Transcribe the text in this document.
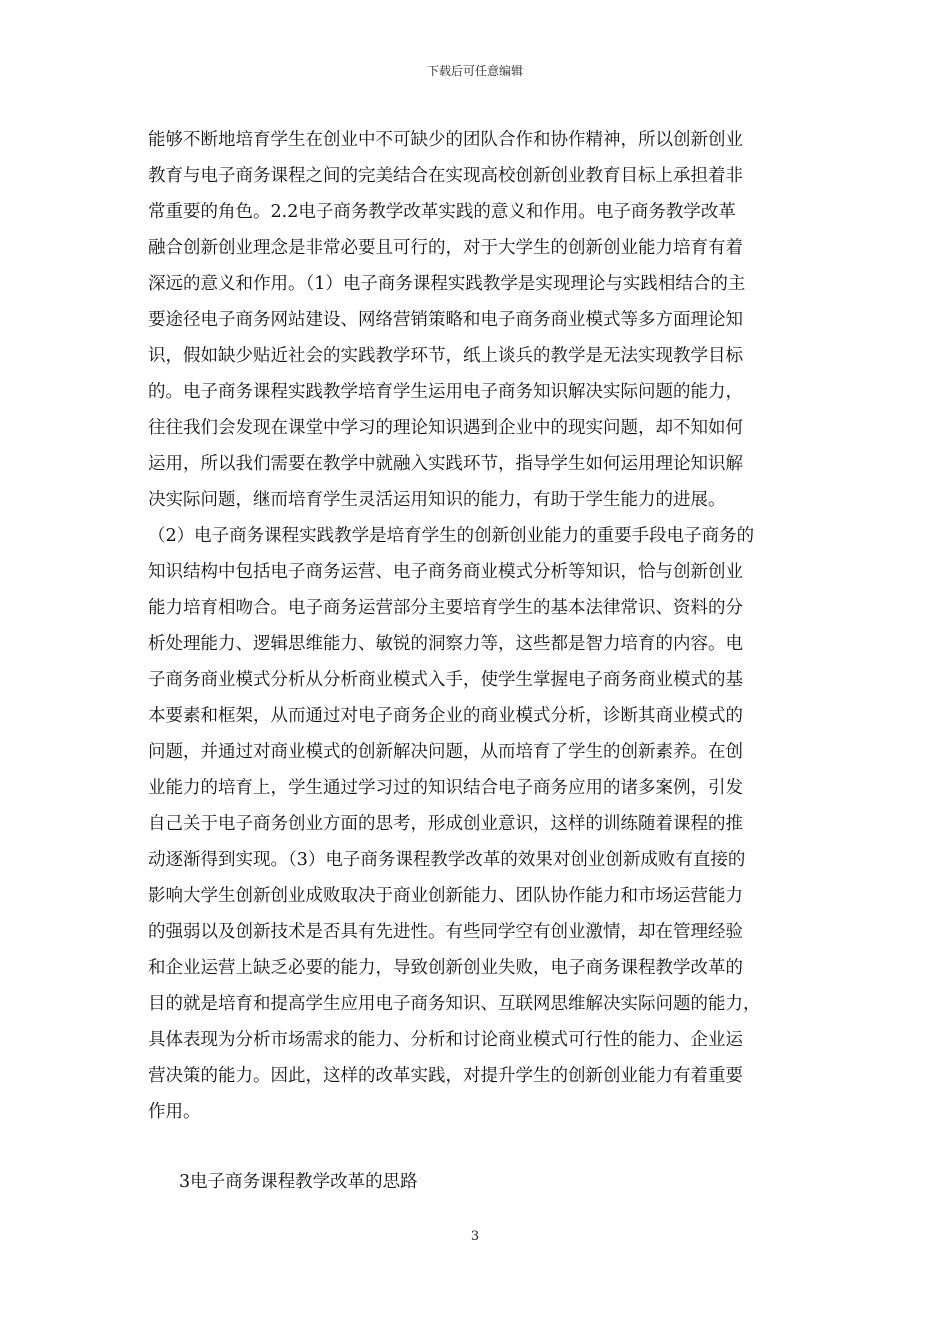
下载后可任意编辑
能够不断地培育学生在创业中不可缺少的团队合作和协作精神，所以创新创业
教育与电子商务课程之间的完美结合在实现高校创新创业教育目标上承担着非
常重要的角色。2.2电子商务教学改革实践的意义和作用。电子商务教学改革
融合创新创业理念是非常必要且可行的，对于大学生的创新创业能力培育有着
深远的意义和作用。（1）电子商务课程实践教学是实现理论与实践相结合的主
要途径电子商务网站建设、网络营销策略和电子商务商业模式等多方面理论知
识，假如缺少贴近社会的实践教学环节，纸上谈兵的教学是无法实现教学目标
的。电子商务课程实践教学培育学生运用电子商务知识解决实际问题的能力，
往往我们会发现在课堂中学习的理论知识遇到企业中的现实问题，却不知如何
运用，所以我们需要在教学中就融入实践环节，指导学生如何运用理论知识解
决实际问题，继而培育学生灵活运用知识的能力，有助于学生能力的进展。
（2）电子商务课程实践教学是培育学生的创新创业能力的重要手段电子商务的
知识结构中包括电子商务运营、电子商务商业模式分析等知识，恰与创新创业
能力培育相吻合。电子商务运营部分主要培育学生的基本法律常识、资料的分
析处理能力、逻辑思维能力、敏锐的洞察力等，这些都是智力培育的内容。电
子商务商业模式分析从分析商业模式入手，使学生掌握电子商务商业模式的基
本要素和框架，从而通过对电子商务企业的商业模式分析，诊断其商业模式的
问题，并通过对商业模式的创新解决问题，从而培育了学生的创新素养。在创
业能力的培育上，学生通过学习过的知识结合电子商务应用的诸多案例，引发
自己关于电子商务创业方面的思考，形成创业意识，这样的训练随着课程的推
动逐渐得到实现。（3）电子商务课程教学改革的效果对创业创新成败有直接的
影响大学生创新创业成败取决于商业创新能力、团队协作能力和市场运营能力
的强弱以及创新技术是否具有先进性。有些同学空有创业激情，却在管理经验
和企业运营上缺乏必要的能力，导致创新创业失败，电子商务课程教学改革的
目的就是培育和提高学生应用电子商务知识、互联网思维解决实际问题的能力，
具体表现为分析市场需求的能力、分析和讨论商业模式可行性的能力、企业运
营决策的能力。因此，这样的改革实践，对提升学生的创新创业能力有着重要
作用。
3电子商务课程教学改革的思路
3
